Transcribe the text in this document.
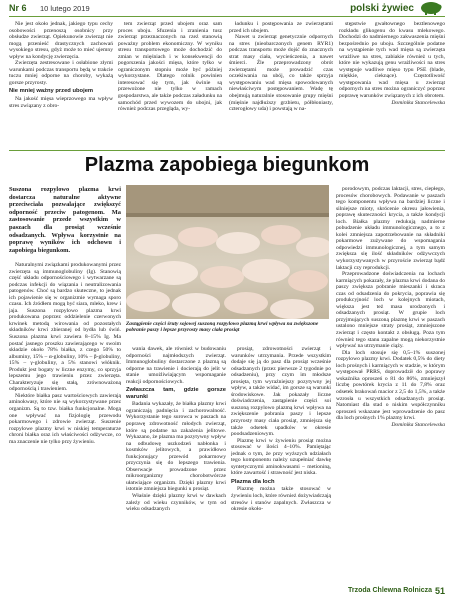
Nr 6 10 lutego 2019	polski żywiec

Nie jest około jednak, jakiego typu cechy osobowości przenoszą osobnicy przy obsłudze zwierząt. Opiekunowie zwierząt nie mogą przenieść drastycznych zachowań wysokiego stresu, gdyż może to mieć ujemny wpływ na kondycję zwierzęcia.

Zwierzęta zestresowane i osłabione złymi warunkami podczas transportu będą w trakcie tuczu mniej odporne na choroby, wykażą gorsze przyrosty.

Nie mniej ważny przed ubojem

Na jakość mięsa wieprzowego ma wpływ stres związany z obro-

tem zwierząt przed ubojem oraz sam proces uboju. Sfuzenia i zranienia tusz zwierząt przeznaczonych na rzeź stanowią poważny problem ekonomiczny. W wyniku stresu transportowego może dochodzić do zmian w mięśniach i w konsekwencji do pogorszenia jakości mięsa, które tylko w ograniczonym stopniu może być później wykorzystane. Dlatego rolnik powinien interesować się tym, jak świnie są przewożone nie tylko w ramach gospodarstwa, ale także podczas załadunku na samochód przed wywozem do ubojni, jak również podczas przegląda, wy-

ładunku i postępowania ze zwierzętami przed ich ubojem.

Nawet u zwierząt genetycznie odpornych na stres (nieobarczonych genem RYR1) podczas transportu może dojść do znacznych strat masy ciała, wycieńczenia, a nawet śmierci. Źle przeprowadzony obrót zwierzętami może prowadzić czas oczekiwania na ubój, co także sprzyja występowaniu wad mięsa spowodowanych niewłaściwym postępowaniem. Wadę tę obejmują naturalnie stosowanie grupy mięśni (mięśnie najdłuższy grzbietu, półbłoniasty, czterogłowy uda) i powstają w na-

stępstwie gwałtownego beztlenowego rozkładu glikogenu do kwasu mlekowego. Dochodzi do nadmiernego zakwaszenia mięśni bezpośrednio po uboju. Szczególnie podatne na wystąpienie tych wad mięsa są zwierzęta wrażliwe na stres, zabiakie również u tych, które nie wykazują genu wrażliwości na stres występuje wadliwe mięso typu PSE (blade, miękkie, cieknące). Częstotliwość występowania wad mięsa u zwierząt odpornych na stres można ograniczyć poprzez poprawę warunków związanych z ich obrotem.

Dominika Stancelewska

Plazma zapobiega biegunkom

Suszona rozpylowo plazma krwi dostarcza naturalne aktywne przeciwciała pozwalające zwiększyć odporność przeciw patogenom. Ma zastosowanie przede wszystkim w paszach dla prosiąt wcześnie odsadzanych. Wpływa korzystnie na poprawę wyników ich odchowu i zapobiega biegunkom.

Naturalnymi związkami produkowanymi przez zwierzęta są immunoglobuliny (Ig). Stanowią część układu odpornościowego i wytwarzane są podczas infekcji do wiązania i neutralizowania patogenów. Choć są bardzo skuteczne, to jednak ich pojawienie się w organizmie wymaga sporo czasu. Ich źródłem mogą być siara, mleko, krew i jaja. Suszona rozpylowo plazma krwi produkowana poprzez oddzielenie czerwonych krwinek metodą wirowania od pozostałych składników krwi zbieranej od bydła lub świń. Suszona plazma krwi zawiera 8–15% Ig. Ma postać jasnego proszku zawierającego w swoim składzie około 78% białka, z czego 50% to albuminy, 15% – α-globuliny, 10% – β-globuliny, 15% – γ-globuliny, a 5% stanowi włóknik. Produkt jest bogaty w liczne enzymy, co sprzyja lepszemu jego trawieniu przez zwierzęta. Charakteryzuje się stałą, zrównoważoną odpornością i trawieniem.

Niektóre białka pasz wartościowych zawierają aminokwasy, które nie są wykorzystywane przez organizm. Są to tzw. białka funkcjonalne. Mogą one wpływać na fizjologię przewodu pokarmowego i zdrowie zwierząt. Suszenie rozpylowe plazmy krwi w niskiej temperaturze chroni białka oraz ich właściwości odżywcze, co ma znaczenie nie tylko przy żywieniu.

Zastągienie części śruty sojowej suszoną rozpylowo plazmą krwi wpływa na zwiększone pobranie paszy i lepsze przyrosty masy ciała prosiąt

wania dawek, ale również w budowaniu odporności najmłodszych zwierząt. Immunoglobuliny dostarczone z plazmą są odporne na trawienie i docierają do jelit w stanie umożliwiającym wspomaganie reakcji odpornościowych.

Zwłaszcza tam, gdzie gorsze warunki

Badania wykazały, że białka plazmy krwi ograniczają padnięcia i zachorowalność. Wykorzystanie tego surowca w paszach na poprawę zdrowotność młodych zwierząt, które są podatne na zakażenia jelitowe. Wykazano, że plazma ma pozytywny wpływ na odbudowę uszkodzeń nabłonka i kosmków jelitowych, a prawidłowo funkcjonujący przewód pokarmowy przyczynia się do lepszego trawienia. Obserwacje prowadzone przez mikroorganizmy chorobotwórcze ułatwiające organizm. Dzięki plazmy krwi istotnie zmniejsza biegunki u prosiąt.

Właśnie dzięki plazmy krwi w dawkach zależy od wieku czynników, w tym od wieku odsadzanych

prosiąt, zdrowotności zwierząt i warunków utrzymania. Przede wszystkim dodaje się ją do pasz dla prosiąt wcześnie odsadzanych (przez pierwsze 2 tygodnie po odsadzeniu), przy czym im młodsze prosięta, tym wyraźniejszy pozytywny jej wpływ, a także widać, im gorsze są warunki środowiskowe. Jak pokazały liczne doświadczenia, zastąpienie części soi suszoną rozpylowo plazmą krwi wpływa na zwiększenie pobrania paszy i lepsze przyrosty masy ciała prosiąt, zmniejsza się także odsetek upadków w okresie poodsadzeniowym.

Plazmę krwi w żywieniu prosiąt można stosować w ilości 4–10%. Pamiętając jednak o tym, że przy wyższych udziałach tego komponentu należy uzupełniać dawkę syntetycznymi aminokwasami – metioniną, które zawartość i strawność jest niska.

Plazma dla loch

Plazmę można także stosować w żywieniu loch, które również dożywiadczają stresów i stanów zapalnych. Zwłaszcza w okresie około-

porodowym, podczas laktacji, stres, ciepłego, procesów chorobowych. Podawanie w paszach tego komponentu wpływa na bardziej liczne i silniejsze mioty, skrócenie okresu jałowienia, poprawę skuteczności krycia, a także kondycji loch. Białka plazmy redukują nadmierne pobudzenie układu immunologicznego, a to z kolei zmniejsza zapotrzebowanie na składniki pokarmowe zużywane do wspomagania odpowiedzi immunologicznej, a tym samym zwiększa się ilość składników odżywczych wykorzystywanych w przyroście zwierząt bądź laktacji czy reprodukcji.

Przeprowadzone doświadczenia na lochach karmiących pokazały, że plazma krwi dodana do paszy zwiększa pobranie mieszanki i skraca czas od odsadzenia do pokrycia, poprawia się produkcyjność loch w kolejnych miotach, większa jest też masa urodzonych i odsadzanych prosiąt. W grupie loch przyjmujących suszoną plazmę krwi w paszach ustalono mniejsze straty prosiąt, zmniejszone zwierząt i często kontakt z obsługą. Poza tym również tego stanu zapalne mogą niekorzystnie wpływać na utrzymanie ciąży.

Dla loch stosuje się 0,5–1% suszonej rozpylowo plazmy krwi. Dodatek 0,5% do diety loch prośnych i karmiących w stadzie, w którym występował PRRS, doprowadził do poprawy wskaźnika oproszeń o 81 do 86%, zmniejszył liczbę powtórek krycia z 11 do 7,8% oraz odsetek brakowań macior z 2,5 do 1,5%, a także wzrosła u wszystkich odsadzanych prosiąt. Natomiast dla stad o niskim współczynniku oproszeń wskazane jest wprowadzenie do pasz dla loch prośnych 1% plazmy krwi.

Dominika Stancelewska

Trzoda Chlewna Rolnicza 51
